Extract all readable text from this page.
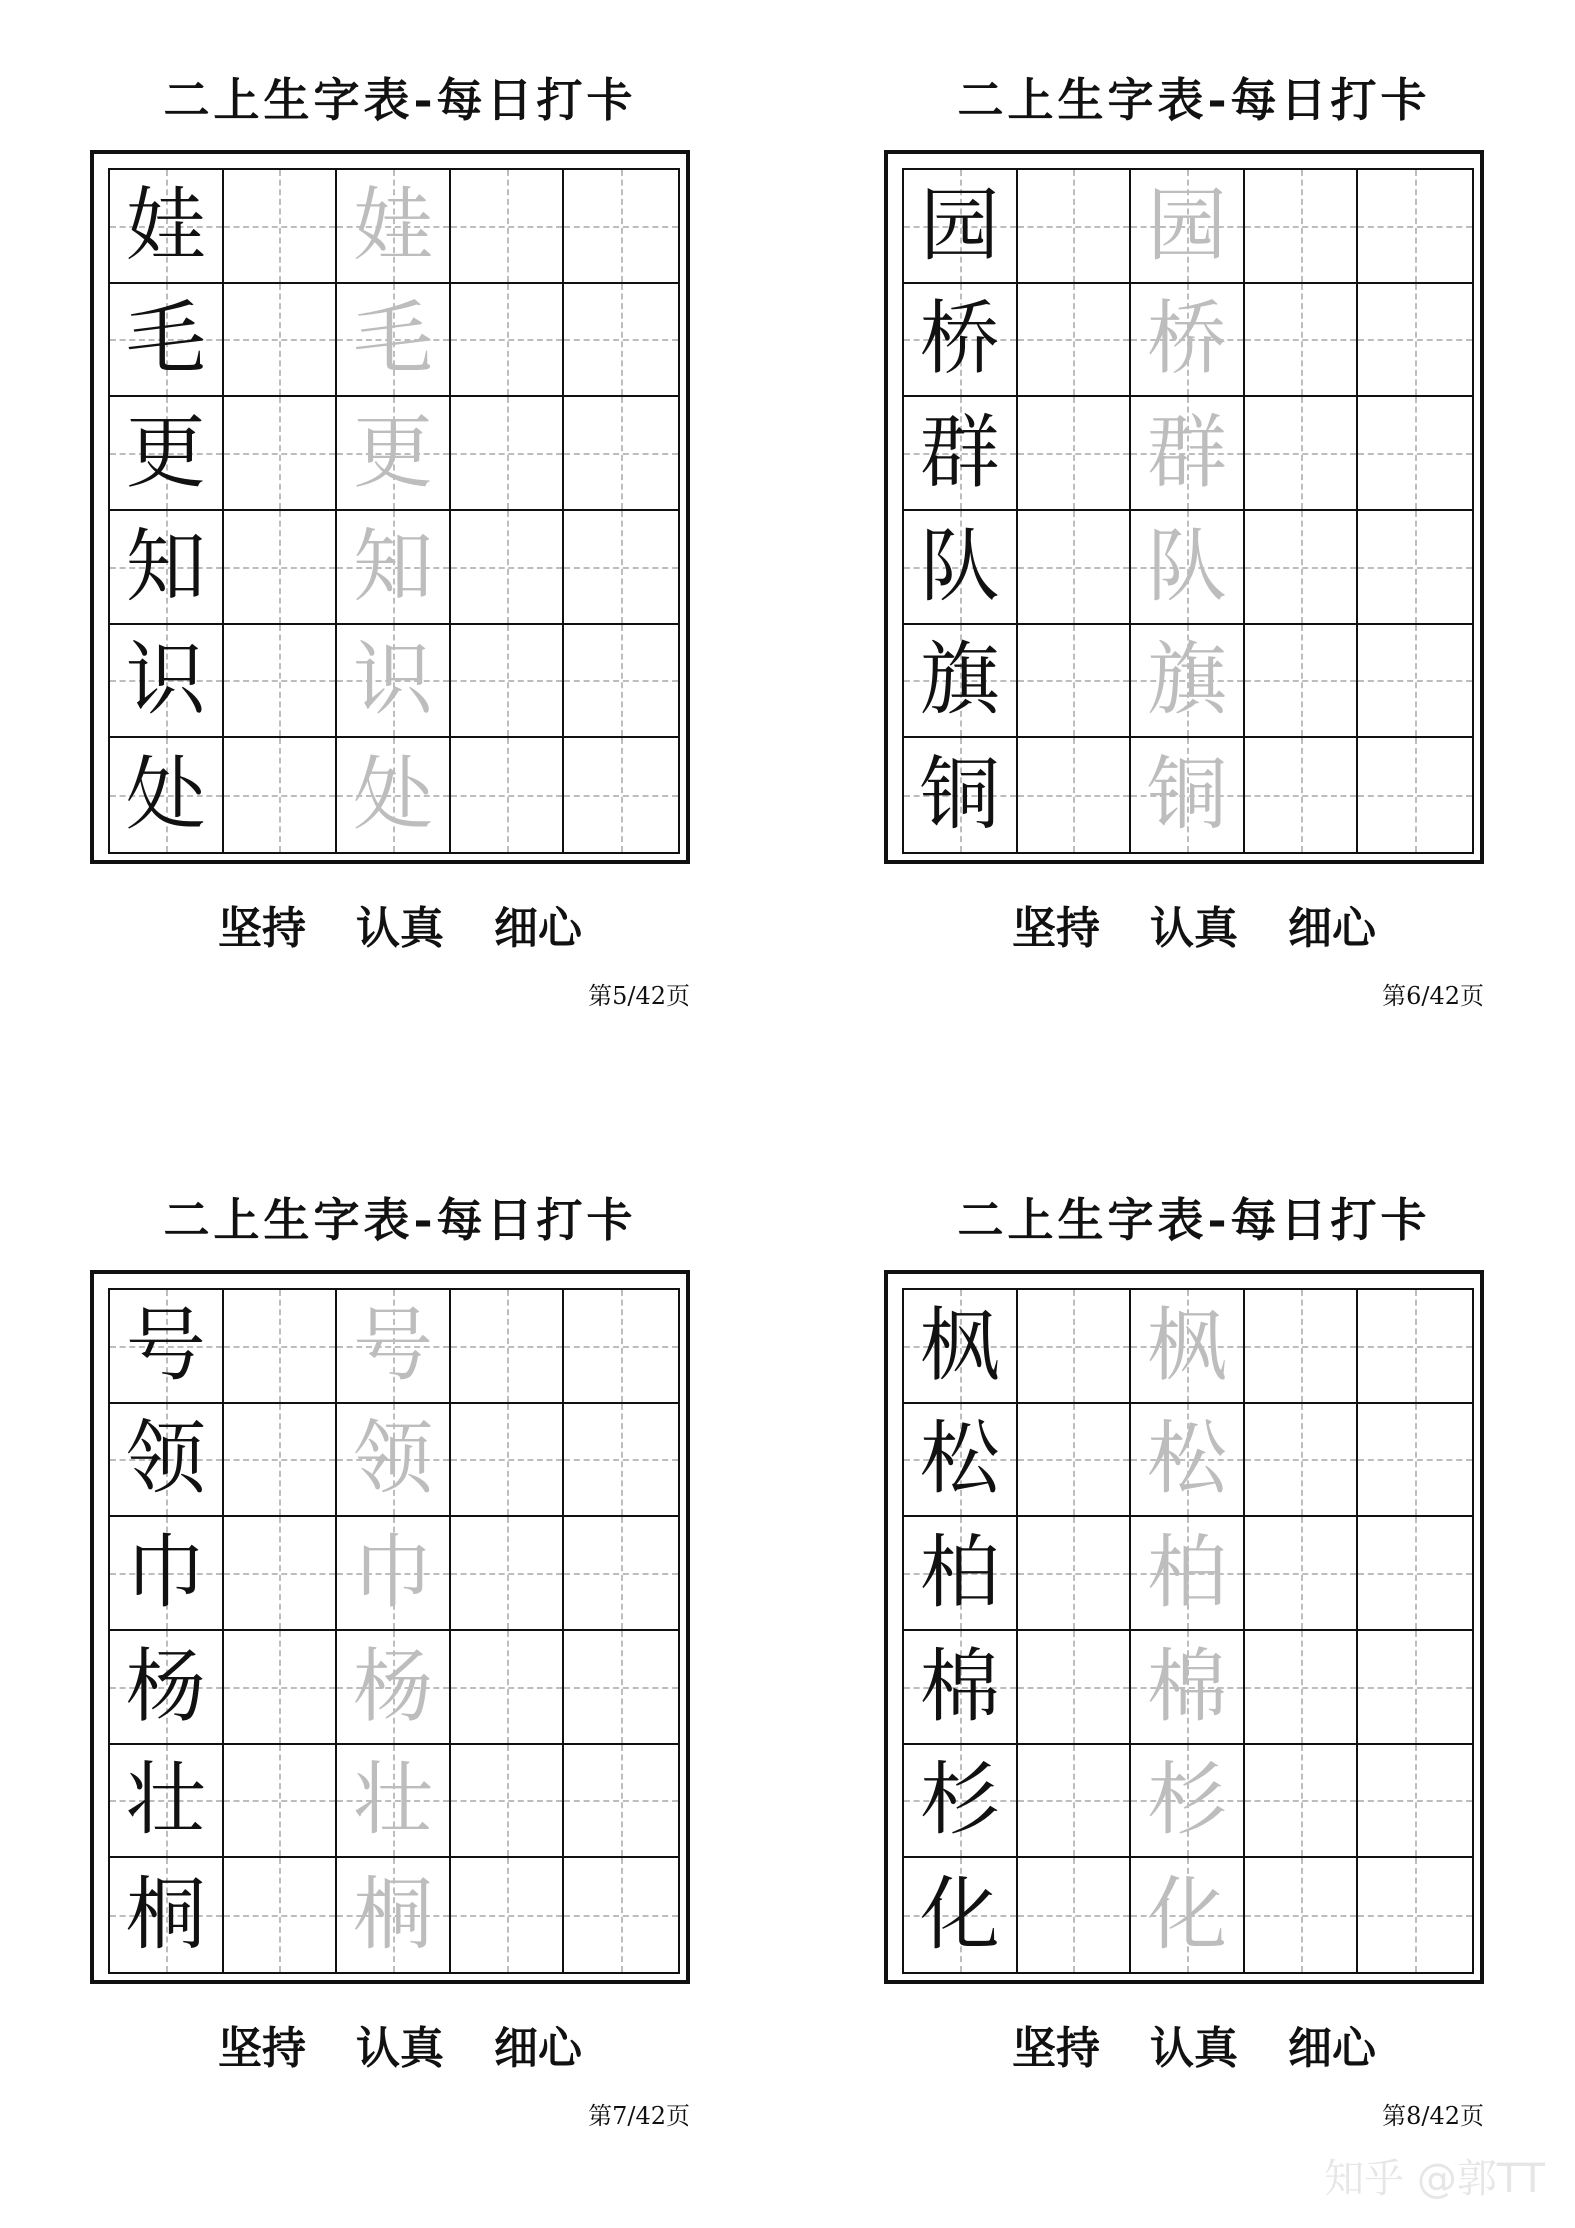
二上生字表-每日打卡
娃 娃
毛 毛
更 更
知 知
识 识
处 处
坚持 认真 细心
第5/42页
二上生字表-每日打卡
园 园
桥 桥
群 群
队 队
旗 旗
铜 铜
坚持 认真 细心
第6/42页
二上生字表-每日打卡
号 号
领 领
巾 巾
杨 杨
壮 壮
桐 桐
坚持 认真 细心
第7/42页
二上生字表-每日打卡
枫 枫
松 松
柏 柏
棉 棉
杉 杉
化 化
坚持 认真 细心
第8/42页
知乎 @郭TT
